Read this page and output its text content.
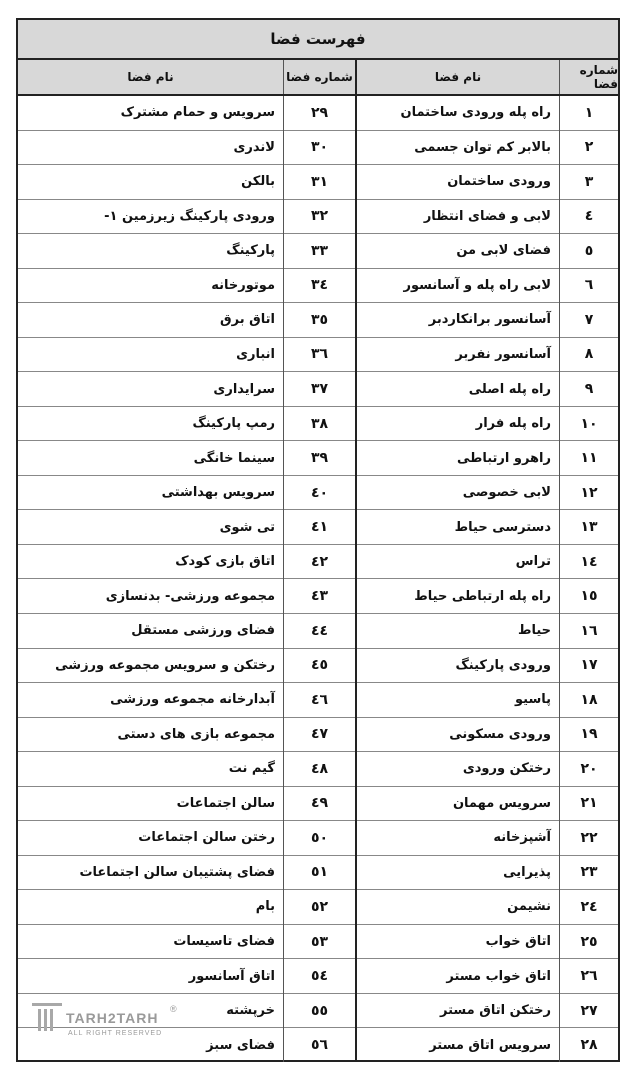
فهرست فضا
شماره فضا
نام فضا
شماره فضا
نام فضا
۱
۲
۳
٤
٥
٦
۷
۸
۹
۱۰
۱۱
۱۲
۱۳
۱٤
۱٥
۱٦
۱۷
۱۸
۱۹
۲۰
۲۱
۲۲
۲۳
۲٤
۲٥
۲٦
۲۷
۲۸
راه پله ورودی ساختمان
بالابر کم توان جسمی
ورودی ساختمان
لابی و فضای انتظار
فضای لابی من
لابی راه پله و آسانسور
آسانسور برانکاردبر
آسانسور نفربر
راه پله اصلی
راه پله فرار
راهرو ارتباطی
لابی خصوصی
دسترسی حیاط
تراس
راه پله ارتباطی حیاط
حیاط
ورودی پارکینگ
پاسیو
ورودی مسکونی
رختکن ورودی
سرویس مهمان
آشپزخانه
پذیرایی
نشیمن
اتاق خواب
اتاق خواب مستر
رختکن اتاق مستر
سرویس اتاق مستر
۲۹
۳۰
۳۱
۳۲
۳۳
۳٤
۳٥
۳٦
۳۷
۳۸
۳۹
٤۰
٤۱
٤۲
٤۳
٤٤
٤٥
٤٦
٤۷
٤۸
٤۹
٥۰
٥۱
٥۲
٥۳
٥٤
٥٥
٥٦
سرویس و حمام مشترک
لاندری
بالکن
ورودی پارکینگ زیرزمین ۱-
پارکینگ
موتورخانه
اتاق برق
انباری
سرایداری
رمپ پارکینگ
سینما خانگی
سرویس بهداشتی
تی شوی
اتاق بازی کودک
مجموعه ورزشی- بدنسازی
فضای ورزشی مستقل
رختکن و سرویس مجموعه ورزشی
آبدارخانه مجموعه ورزشی
مجموعه بازی های دستی
گیم نت
سالن اجتماعات
رختن سالن اجتماعات
فضای پشتیبان سالن اجتماعات
بام
فضای تاسیسات
اتاق آسانسور
خرپشته
فضای سبز
TARH2TARH
ALL RIGHT RESERVED
®
